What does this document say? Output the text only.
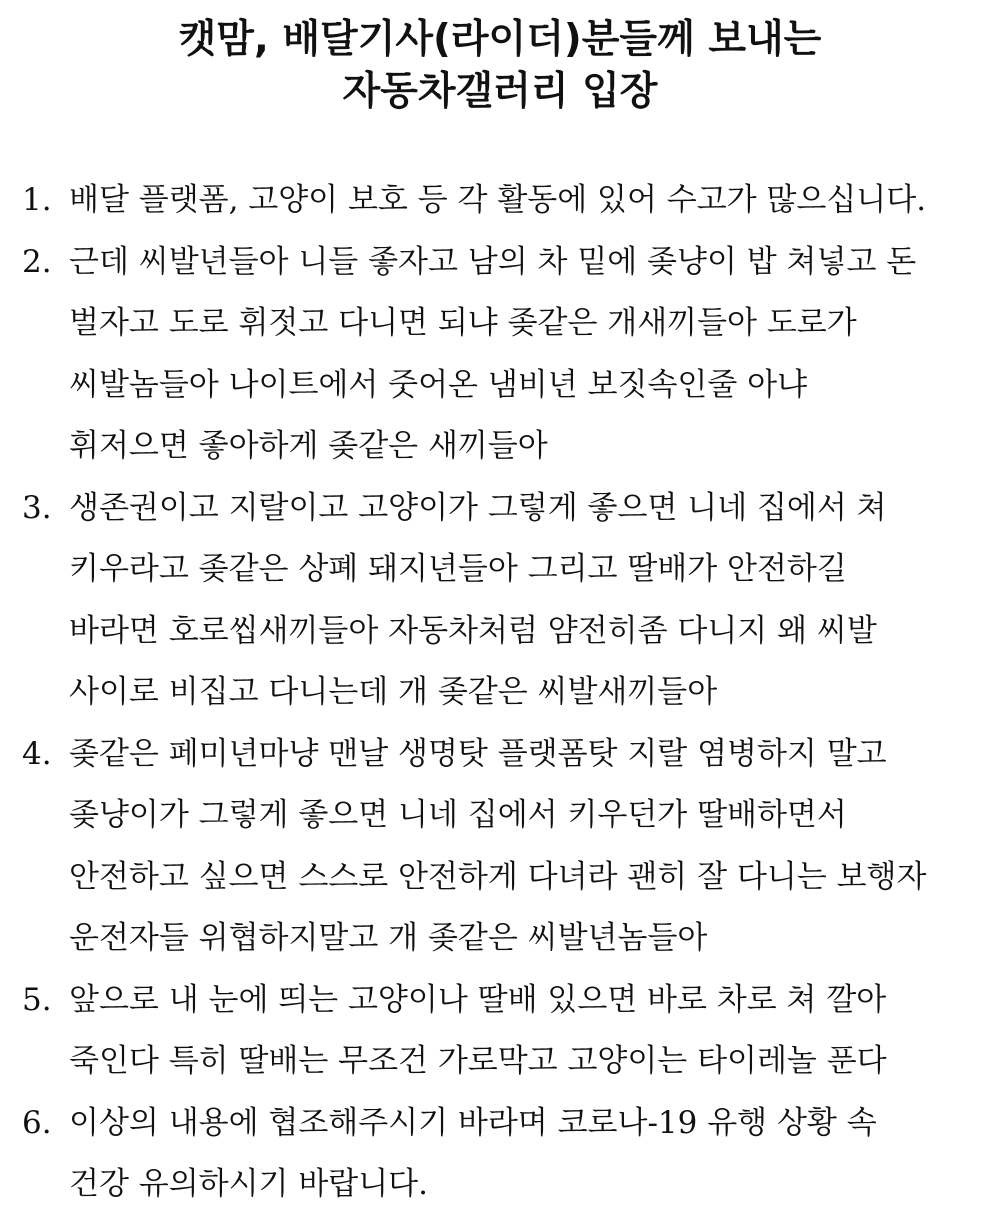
캣맘, 배달기사(라이더)분들께 보내는
자동차갤러리 입장
1. 배달 플랫폼, 고양이 보호 등 각 활동에 있어 수고가 많으십니다.
2. 근데 씨발년들아 니들 좋자고 남의 차 밑에 좆냥이 밥 쳐넣고 돈
벌자고 도로 휘젓고 다니면 되냐 좆같은 개새끼들아 도로가
씨발놈들아 나이트에서 줏어온 냄비년 보짓속인줄 아냐
휘저으면 좋아하게 좆같은 새끼들아
3. 생존권이고 지랄이고 고양이가 그렇게 좋으면 니네 집에서 쳐
키우라고 좆같은 상폐 돼지년들아 그리고 딸배가 안전하길
바라면 호로씹새끼들아 자동차처럼 얌전히좀 다니지 왜 씨발
사이로 비집고 다니는데 개 좆같은 씨발새끼들아
4. 좆같은 페미년마냥 맨날 생명탓 플랫폼탓 지랄 염병하지 말고
좆냥이가 그렇게 좋으면 니네 집에서 키우던가 딸배하면서
안전하고 싶으면 스스로 안전하게 다녀라 괜히 잘 다니는 보행자
운전자들 위협하지말고 개 좆같은 씨발년놈들아
5. 앞으로 내 눈에 띄는 고양이나 딸배 있으면 바로 차로 쳐 깔아
죽인다 특히 딸배는 무조건 가로막고 고양이는 타이레놀 푼다
6. 이상의 내용에 협조해주시기 바라며 코로나-19 유행 상황 속
건강 유의하시기 바랍니다.
